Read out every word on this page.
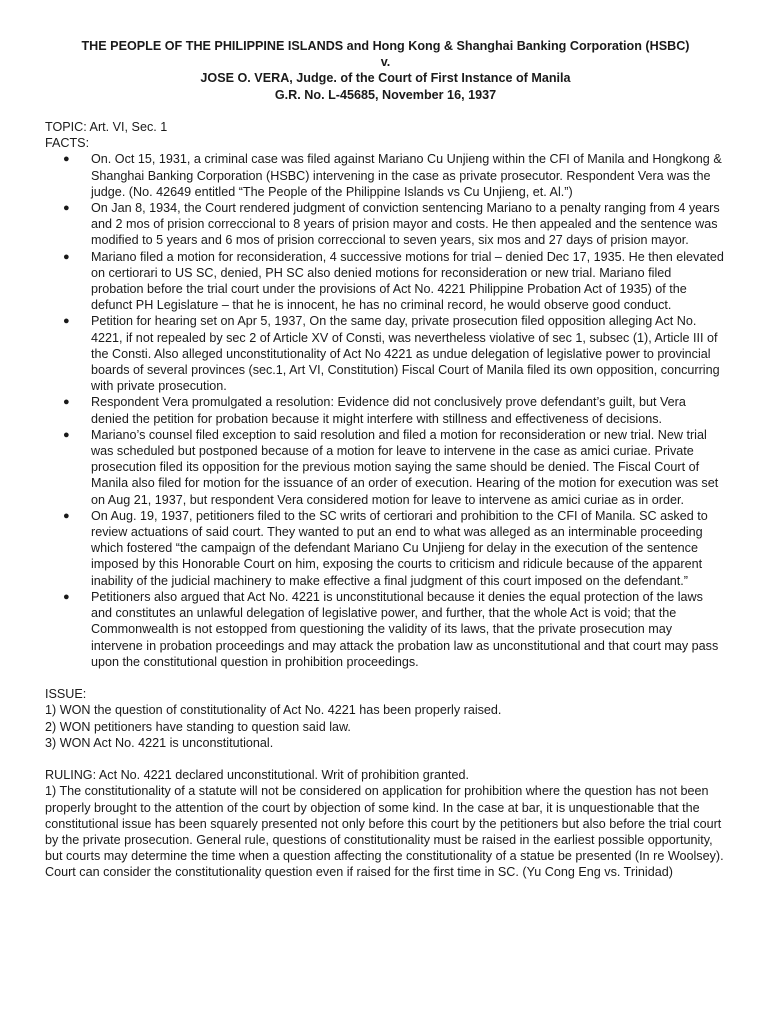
THE PEOPLE OF THE PHILIPPINE ISLANDS and Hong Kong & Shanghai Banking Corporation (HSBC)
v.
JOSE O. VERA, Judge. of the Court of First Instance of Manila
G.R. No. L-45685, November 16, 1937

TOPIC: Art. VI, Sec. 1

FACTS:

● On. Oct 15, 1931, a criminal case was filed against Mariano Cu Unjieng within the CFI of Manila and Hongkong & Shanghai Banking Corporation (HSBC) intervening in the case as private prosecutor. Respondent Vera was the judge. (No. 42649 entitled “The People of the Philippine Islands vs Cu Unjieng, et. Al.”)
● On Jan 8, 1934, the Court rendered judgment of conviction sentencing Mariano to a penalty ranging from 4 years and 2 mos of prision correccional to 8 years of prision mayor and costs. He then appealed and the sentence was modified to 5 years and 6 mos of prision correccional to seven years, six mos and 27 days of prision mayor.
● Mariano filed a motion for reconsideration, 4 successive motions for trial – denied Dec 17, 1935. He then elevated on certiorari to US SC, denied, PH SC also denied motions for reconsideration or new trial. Mariano filed probation before the trial court under the provisions of Act No. 4221 Philippine Probation Act of 1935) of the defunct PH Legislature – that he is innocent, he has no criminal record, he would observe good conduct.
● Petition for hearing set on Apr 5, 1937, On the same day, private prosecution filed opposition alleging Act No. 4221, if not repealed by sec 2 of Article XV of Consti, was nevertheless violative of sec 1, subsec (1), Article III of the Consti. Also alleged unconstitutionality of Act No 4221 as undue delegation of legislative power to provincial boards of several provinces (sec.1, Art VI, Constitution) Fiscal Court of Manila filed its own opposition, concurring with private prosecution.
● Respondent Vera promulgated a resolution: Evidence did not conclusively prove defendant’s guilt, but Vera denied the petition for probation because it might interfere with stillness and effectiveness of decisions.
● Mariano’s counsel filed exception to said resolution and filed a motion for reconsideration or new trial. New trial was scheduled but postponed because of a motion for leave to intervene in the case as amici curiae. Private prosecution filed its opposition for the previous motion saying the same should be denied. The Fiscal Court of Manila also filed for motion for the issuance of an order of execution. Hearing of the motion for execution was set on Aug 21, 1937, but respondent Vera considered motion for leave to intervene as amici curiae as in order.
● On Aug. 19, 1937, petitioners filed to the SC writs of certiorari and prohibition to the CFI of Manila. SC asked to review actuations of said court. They wanted to put an end to what was alleged as an interminable proceeding which fostered “the campaign of the defendant Mariano Cu Unjieng for delay in the execution of the sentence imposed by this Honorable Court on him, exposing the courts to criticism and ridicule because of the apparent inability of the judicial machinery to make effective a final judgment of this court imposed on the defendant.”
● Petitioners also argued that Act No. 4221 is unconstitutional because it denies the equal protection of the laws and constitutes an unlawful delegation of legislative power, and further, that the whole Act is void; that the Commonwealth is not estopped from questioning the validity of its laws, that the private prosecution may intervene in probation proceedings and may attack the probation law as unconstitutional and that court may pass upon the constitutional question in prohibition proceedings.

ISSUE:

1) WON the question of constitutionality of Act No. 4221 has been properly raised.

2) WON petitioners have standing to question said law.

3) WON Act No. 4221 is unconstitutional.

RULING: Act No. 4221 declared unconstitutional. Writ of prohibition granted.

1) The constitutionality of a statute will not be considered on application for prohibition where the question has not been properly brought to the attention of the court by objection of some kind. In the case at bar, it is unquestionable that the constitutional issue has been squarely presented not only before this court by the petitioners but also before the trial court by the private prosecution. General rule, questions of constitutionality must be raised in the earliest possible opportunity, but courts may determine the time when a question affecting the constitutionality of a statue be presented (In re Woolsey). Court can consider the constitutionality question even if raised for the first time in SC. (Yu Cong Eng vs. Trinidad)
